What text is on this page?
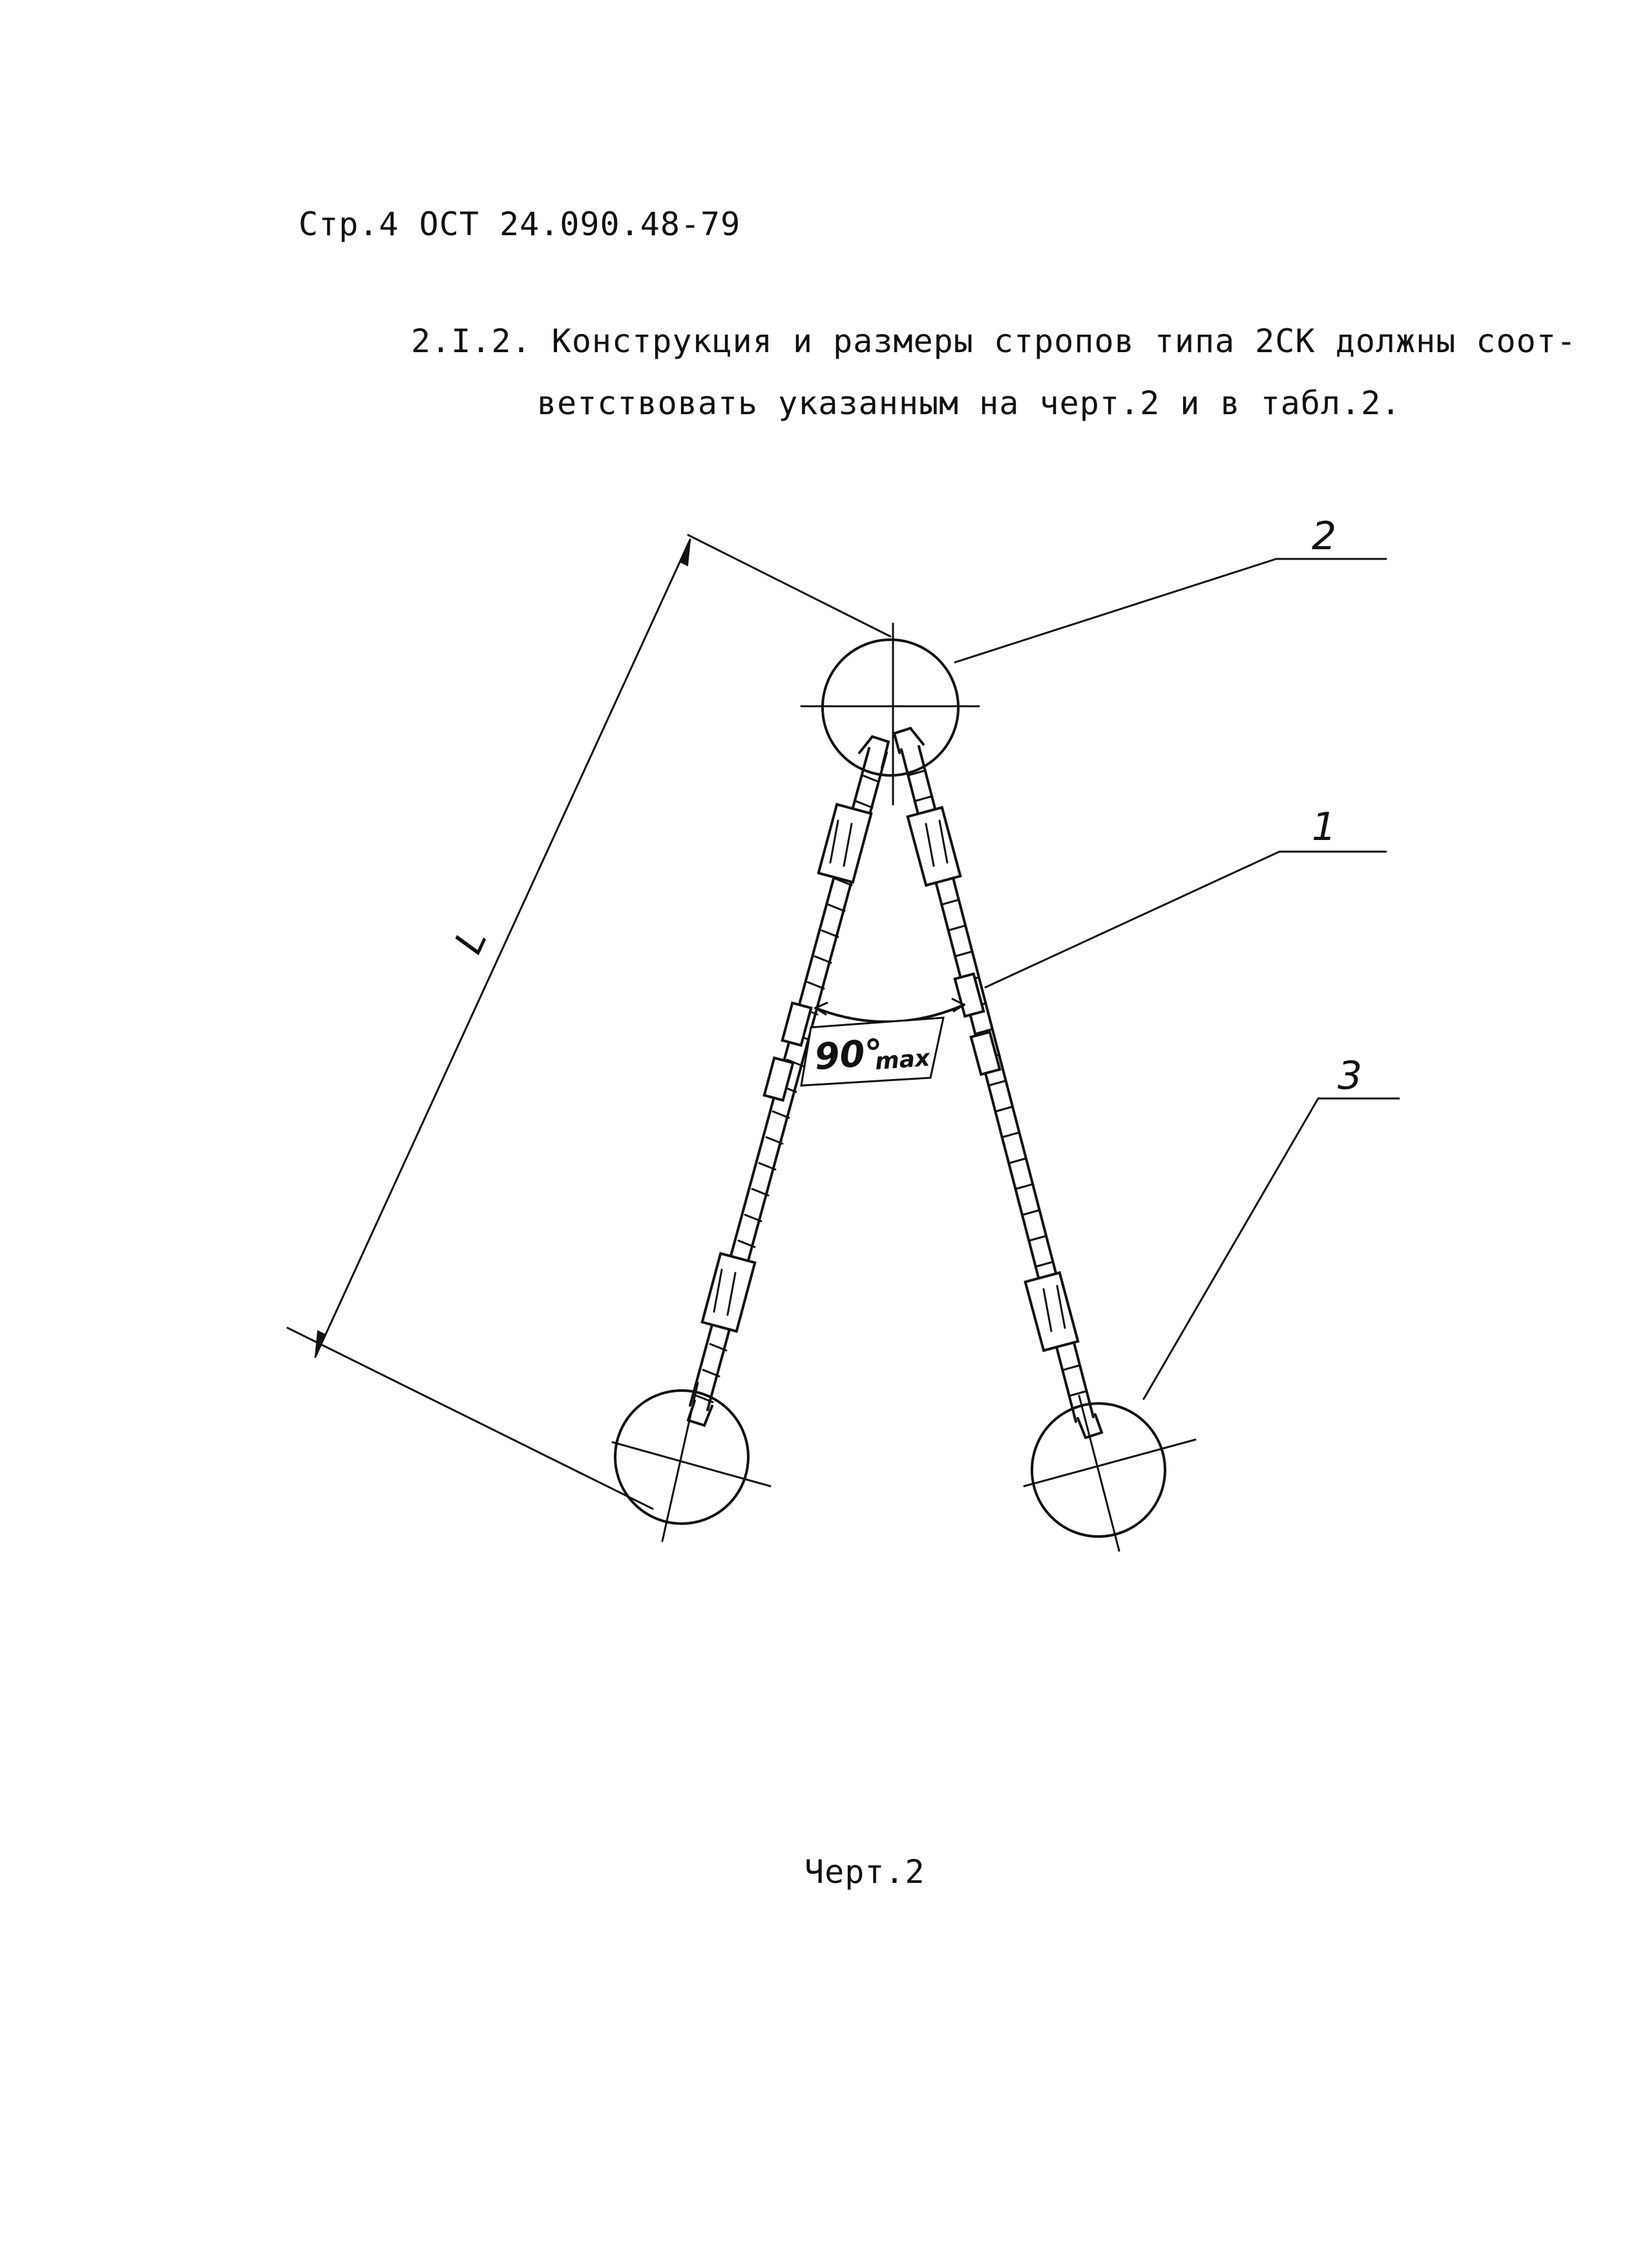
Стр.4 ОСТ 24.090.48-79
2.I.2. Конструкция и размеры стропов типа 2СК должны соот-
ветствовать указанным на черт.2 и в табл.2.
2
1
3
L
90°
max
Черт.2
